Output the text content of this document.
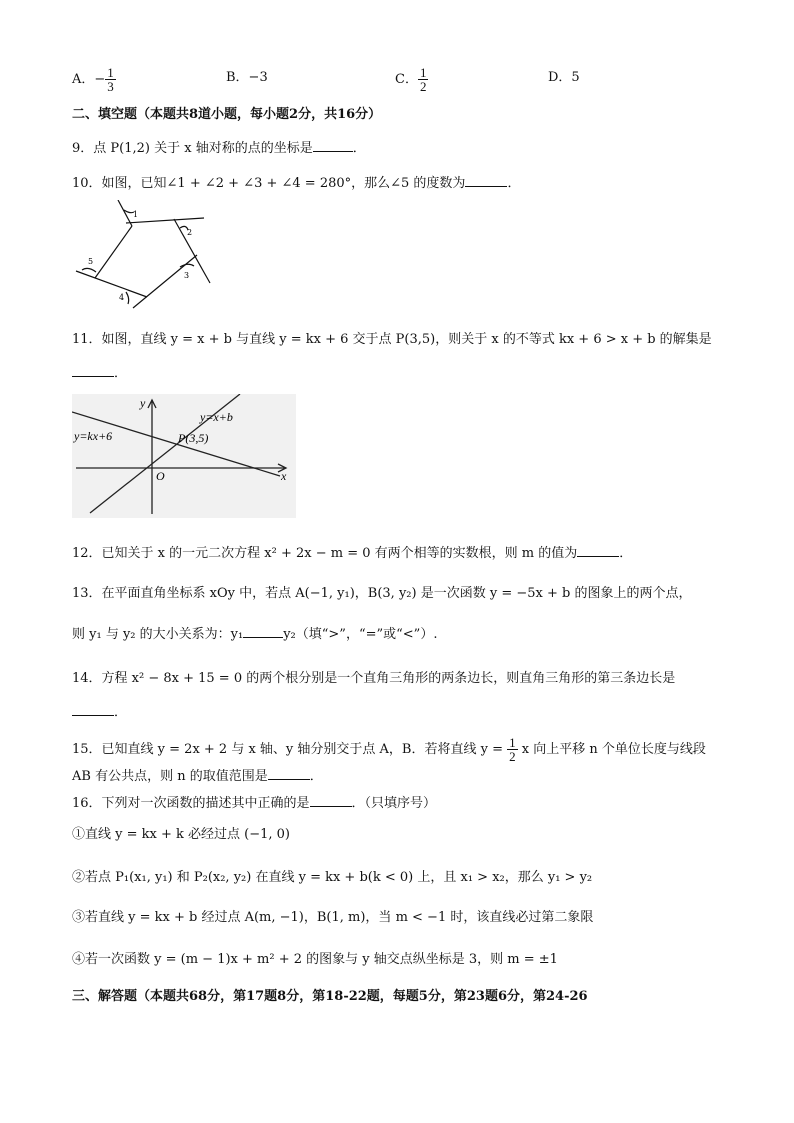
A．− $\frac{1}{3}$	B．−3	C． $\frac{1}{2}$	D．5
二、填空题（本题共8道小题，每小题2分，共16分）
9．点 P(1,2) 关于 x 轴对称的点的坐标是	．
10．如图，已知∠1 + ∠2 + ∠3 + ∠4 = 280°，那么∠5 的度数为	．
1
2
3
4
5
11．如图，直线 y = x + b 与直线 y = kx + 6 交于点 P(3,5)，则关于 x 的不等式 kx + 6 > x + b 的解集是
．
y
x
O
y=x+b
y=kx+6	P(3,5)
12．已知关于 x 的一元二次方程 x² + 2x − m = 0 有两个相等的实数根，则 m 的值为	．
13．在平面直角坐标系 xOy 中，若点 A(−1, y₁)，B(3, y₂) 是一次函数 y = −5x + b 的图象上的两个点，
则 y₁ 与 y₂ 的大小关系为：y₁	y₂（填“>”，“=”或“<”）.
14．方程 x² − 8x + 15 = 0 的两个根分别是一个直角三角形的两条边长，则直角三角形的第三条边长是
．
15．已知直线 y = 2x + 2 与 x 轴、y 轴分别交于点 A，B．若将直线 $y = \frac{1}{2}$ x 向上平移 n 个单位长度与线段
AB 有公共点，则 n 的取值范围是	．
16．下列对一次函数的描述其中正确的是	．（只填序号）
①直线 y = kx + k 必经过点 (−1, 0)
②若点 P₁(x₁, y₁) 和 P₂(x₂, y₂) 在直线 y = kx + b(k < 0) 上，且 x₁ > x₂，那么 y₁ > y₂
③若直线 y = kx + b 经过点 A(m, −1)，B(1, m)，当 m < −1 时，该直线必过第二象限
④若一次函数 y = (m − 1)x + m² + 2 的图象与 y 轴交点纵坐标是 3，则 m = ±1
三、解答题（本题共68分，第17题8分，第18-22题，每题5分，第23题6分，第24-26
